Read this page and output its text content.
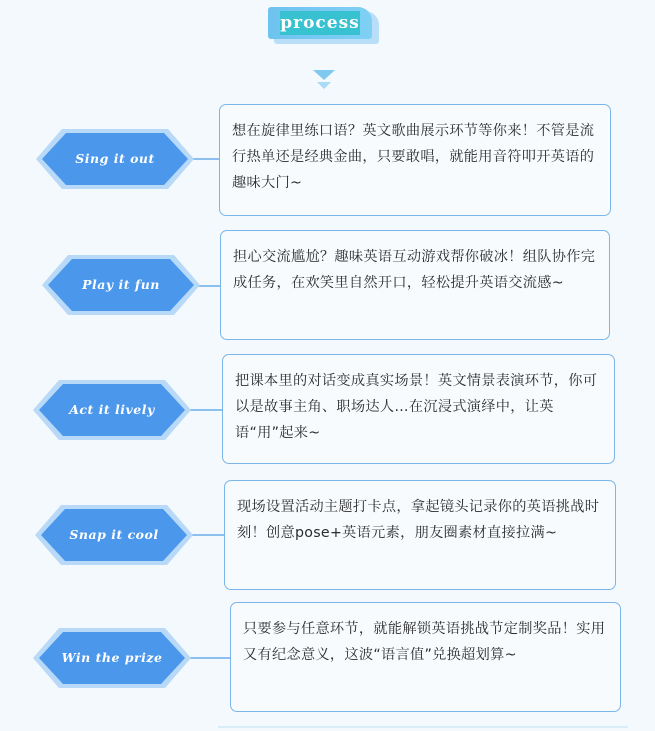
process
Sing it out
想在旋律里练口语？英文歌曲展示环节等你来！不管是流行热单还是经典金曲，只要敢唱，就能用音符叩开英语的趣味大门~
Play it fun
担心交流尴尬？趣味英语互动游戏帮你破冰！组队协作完成任务，在欢笑里自然开口，轻松提升英语交流感~
Act it lively
把课本里的对话变成真实场景！英文情景表演环节，你可以是故事主角、职场达人…在沉浸式演绎中，让英语“用”起来~
Snap it cool
现场设置活动主题打卡点，拿起镜头记录你的英语挑战时刻！创意pose+英语元素，朋友圈素材直接拉满~
Win the prize
只要参与任意环节，就能解锁英语挑战节定制奖品！实用又有纪念意义，这波“语言值”兑换超划算~
